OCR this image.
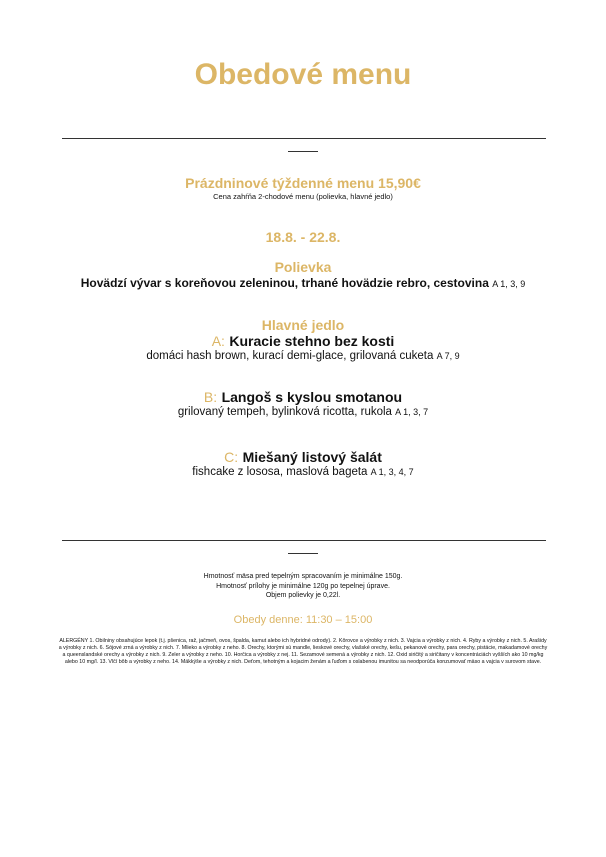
Obedové menu
Prázdninové týždenné menu 15,90€
Cena zahŕňa 2-chodové menu (polievka, hlavné jedlo)
18.8. - 22.8.
Polievka
Hovädzí vývar s koreňovou zeleninou, trhané hovädzie rebro, cestovina A 1, 3, 9
Hlavné jedlo
A: Kuracie stehno bez kosti
domáci hash brown, kurací demi-glace, grilovaná cuketa A 7, 9
B: Langoš s kyslou smotanou
grilovaný tempeh, bylinková ricotta, rukola A 1, 3, 7
C: Miešaný listový šalát
fishcake z lososa, maslová bageta A 1, 3, 4, 7
Hmotnosť mäsa pred tepelným spracovaním je minimálne 150g.
Hmotnosť prílohy je minimálne 120g po tepelnej úprave.
Objem polievky je 0,22l.
Obedy denne: 11:30 – 15:00
ALERGÉNY 1. Obilniny obsahujúce lepok (t.j. pšenica, raž, jačmeň, ovos, špalda, kamut alebo ich hybridné odrody). 2. Kôrovce a výrobky z nich. 3. Vajcia a výrobky z nich. 4. Ryby a výrobky z nich. 5. Arašidy a výrobky z nich. 6. Sójové zrná a výrobky z nich. 7. Mlieko a výrobky z neho. 8. Orechy, ktorými sú mandle, lieskové orechy, vlašské orechy, kešu, pekanové orechy, para orechy, pistácie, makadamové orechy a queenslandské orechy a výrobky z nich. 9. Zeler a výrobky z neho. 10. Horčica a výrobky z nej. 11. Sezamové semená a výrobky z nich. 12. Oxid siričitý a siričitany v koncentráciách vyšších ako 10 mg/kg alebo 10 mg/l. 13. Vlčí bôb a výrobky z neho. 14. Mäkkýše a výrobky z nich. Deťom, tehotným a kojacim ženám a ľuďom s oslabenou imunitou sa neodporúča konzumovať mäso a vajcia v surovom stave.
